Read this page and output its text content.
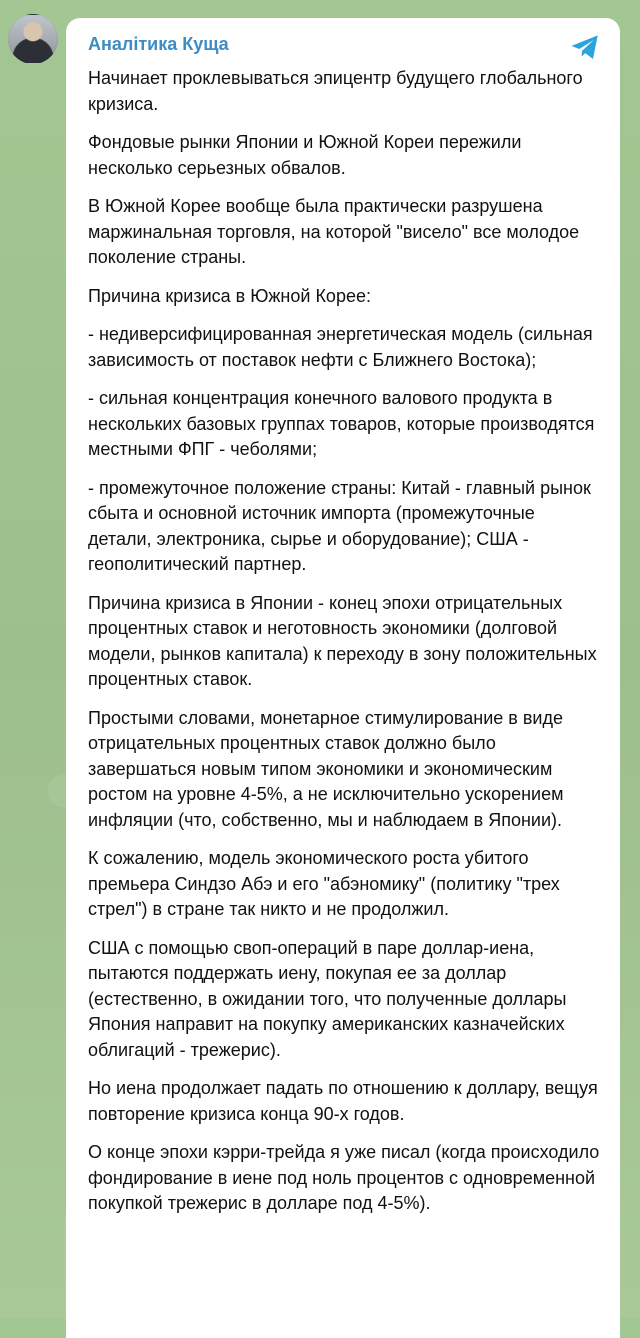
Аналітика Куща

Начинает проклевываться эпицентр будущего глобального кризиса.

Фондовые рынки Японии и Южной Кореи пережили несколько серьезных обвалов.

В Южной Корее вообще была практически разрушена маржинальная торговля, на которой "висело" все молодое поколение страны.

Причина кризиса в Южной Корее:

- недиверсифицированная энергетическая модель (сильная зависимость от поставок нефти с Ближнего Востока);

- сильная концентрация конечного валового продукта в нескольких базовых группах товаров, которые производятся местными ФПГ - чеболями;

- промежуточное положение страны: Китай - главный рынок сбыта и основной источник импорта (промежуточные детали, электроника, сырье и оборудование); США - геополитический партнер.

Причина кризиса в Японии - конец эпохи отрицательных процентных ставок и неготовность экономики (долговой модели, рынков капитала) к переходу в зону положительных процентных ставок.

Простыми словами, монетарное стимулирование в виде отрицательных процентных ставок должно было завершаться новым типом экономики и экономическим ростом на уровне 4-5%, а не исключительно ускорением инфляции (что, собственно, мы и наблюдаем в Японии).

К сожалению, модель экономического роста убитого премьера Синдзо Абэ и его "абэномику" (политику "трех стрел") в стране так никто и не продолжил.

США с помощью своп-операций в паре доллар-иена, пытаются поддержать иену, покупая ее за доллар (естественно, в ожидании того, что полученные доллары Япония направит на покупку американских казначейских облигаций - трежерис).

Но иена продолжает падать по отношению к доллару, вещуя повторение кризиса конца 90-х годов.

О конце эпохи кэрри-трейда я уже писал (когда происходило фондирование в иене под ноль процентов с одновременной покупкой трежерис в долларе под 4-5%).
